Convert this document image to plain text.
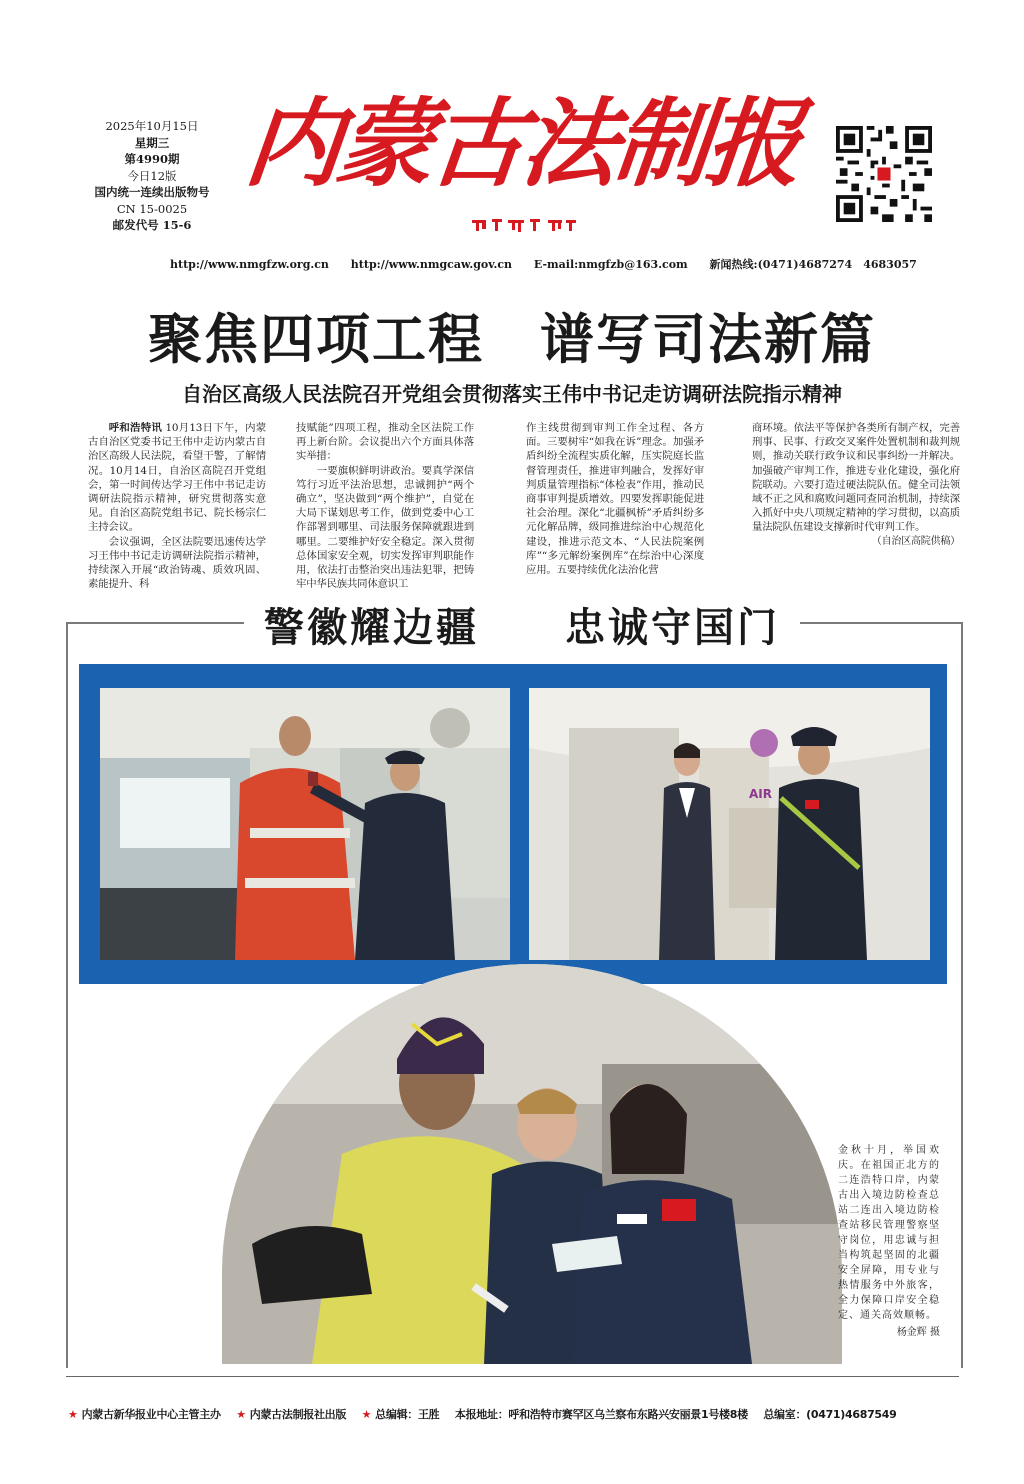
2025年10月15日
星期三
第4990期
今日12版
国内统一连续出版物号
CN 15-0025
邮发代号 15-6
内蒙古法制报
http://www.nmgfzw.org.cn http://www.nmgcaw.gov.cn E-mail:nmgfzb@163.com 新闻热线:(0471)4687274　4683057
聚焦四项工程　谱写司法新篇
自治区高级人民法院召开党组会贯彻落实王伟中书记走访调研法院指示精神

呼和浩特讯 10月13日下午，内蒙古自治区党委书记王伟中走访内蒙古自治区高级人民法院，看望干警，了解情况。10月14日，自治区高院召开党组会，第一时间传达学习王伟中书记走访调研法院指示精神，研究贯彻落实意见。自治区高院党组书记、院长杨宗仁主持会议。

会议强调，全区法院要迅速传达学习王伟中书记走访调研法院指示精神，持续深入开展“政治铸魂、质效巩固、素能提升、科

技赋能”四项工程，推动全区法院工作再上新台阶。会议提出六个方面具体落实举措：

一要旗帜鲜明讲政治。要真学深信笃行习近平法治思想，忠诚拥护“两个确立”，坚决做到“两个维护”，自觉在大局下谋划思考工作，做到党委中心工作部署到哪里、司法服务保障就跟进到哪里。二要维护好安全稳定。深入贯彻总体国家安全观，切实发挥审判职能作用，依法打击整治突出违法犯罪，把铸牢中华民族共同体意识工

作主线贯彻到审判工作全过程、各方面。三要树牢“如我在诉”理念。加强矛盾纠纷全流程实质化解，压实院庭长监督管理责任，推进审判融合，发挥好审判质量管理指标“体检表”作用，推动民商事审判提质增效。四要发挥职能促进社会治理。深化“北疆枫桥”矛盾纠纷多元化解品牌，级同推进综治中心规范化建设，推进示范文本、“人民法院案例库”“多元解纷案例库”在综治中心深度应用。五要持续优化法治化营

商环境。依法平等保护各类所有制产权，完善刑事、民事、行政交叉案件处置机制和裁判规则，推动关联行政争议和民事纠纷一并解决。加强破产审判工作，推进专业化建设，强化府院联动。六要打造过硬法院队伍。健全司法领域不正之风和腐败问题同查同治机制，持续深入抓好中央八项规定精神的学习贯彻，以高质量法院队伍建设支撑新时代审判工作。

（自治区高院供稿）
警徽耀边疆　　忠诚守国门
AIR
金秋十月，举国欢庆。在祖国正北方的二连浩特口岸，内蒙古出入境边防检查总站二连出入境边防检查站移民管理警察坚守岗位，用忠诚与担当构筑起坚固的北疆安全屏障，用专业与热情服务中外旅客，全力保障口岸安全稳定、通关高效顺畅。
杨金辉 摄
★ 内蒙古新华报业中心主管主办 ★ 内蒙古法制报社出版 ★ 总编辑：王胜 本报地址：呼和浩特市赛罕区乌兰察布东路兴安丽景1号楼8楼 总编室：(0471)4687549
